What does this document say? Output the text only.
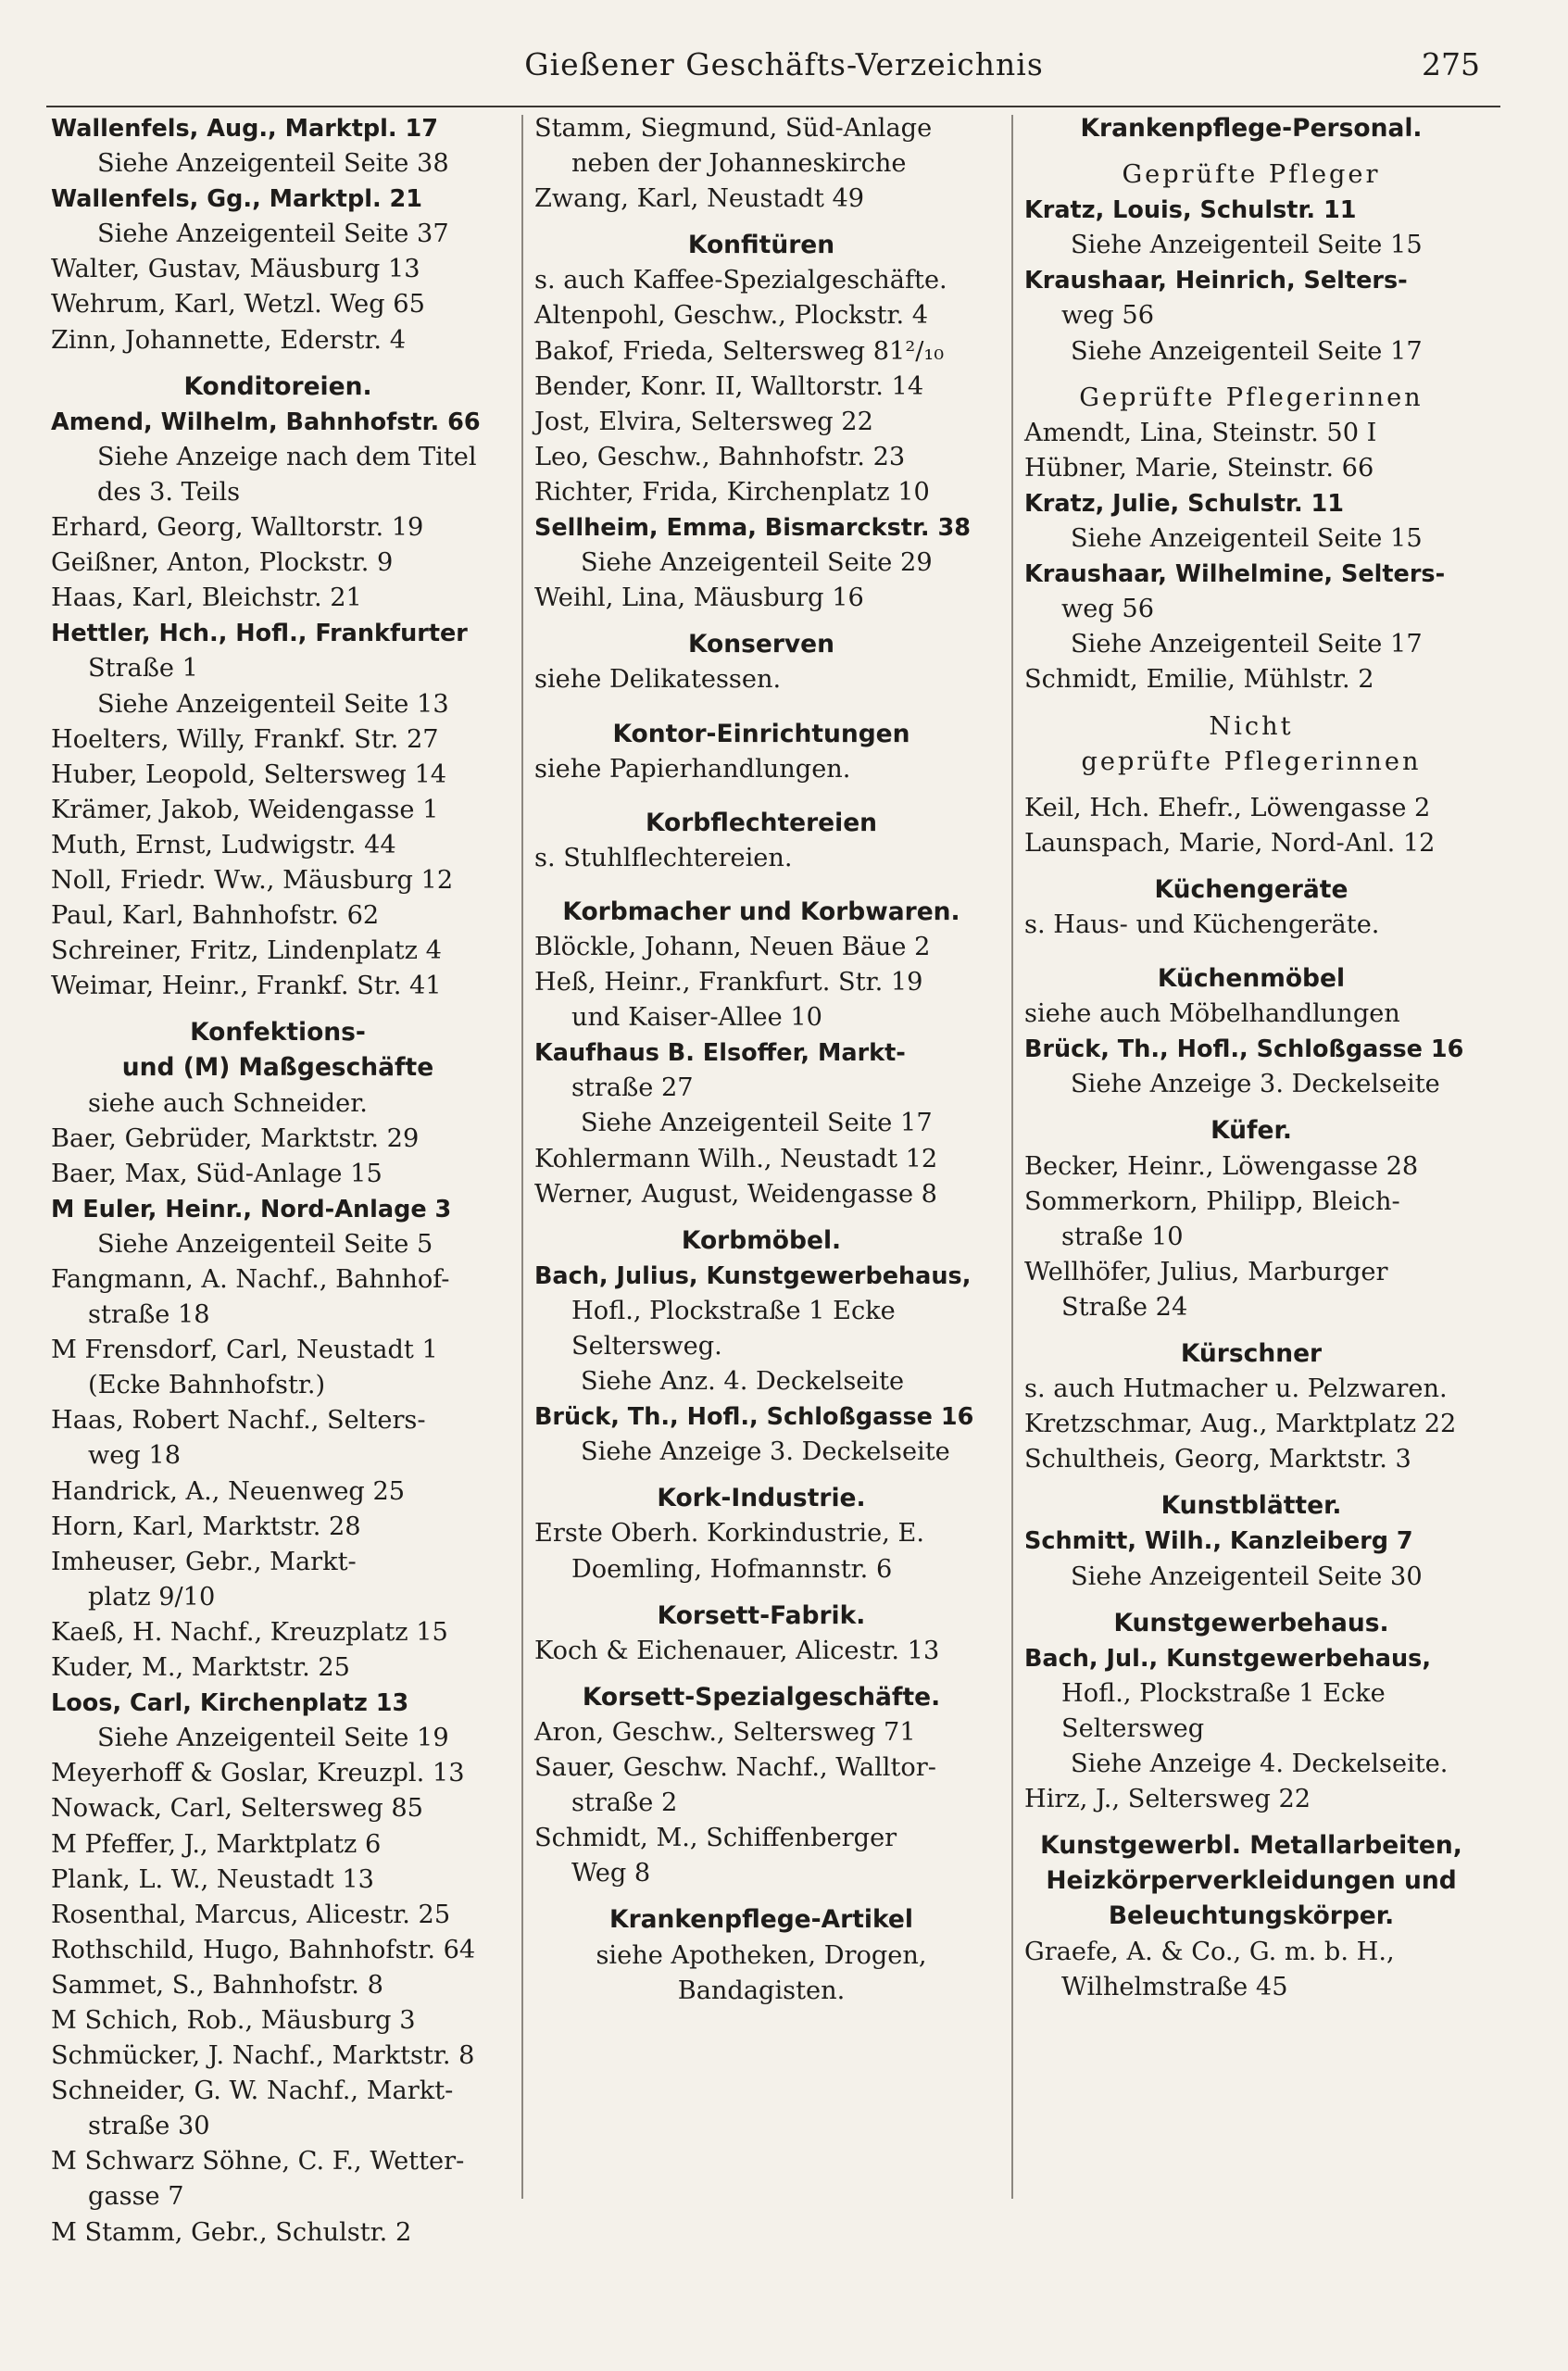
Gießener Geschäfts-Verzeichnis	275
Wallenfels, Aug., Marktpl. 17
Siehe Anzeigenteil Seite 38
Wallenfels, Gg., Marktpl. 21
Siehe Anzeigenteil Seite 37
Walter, Gustav, Mäusburg 13
Wehrum, Karl, Wetzl. Weg 65
Zinn, Johannette, Ederstr. 4
Konditoreien.
Amend, Wilhelm, Bahnhofstr. 66
Siehe Anzeige nach dem Titel
des 3. Teils
Erhard, Georg, Walltorstr. 19
Geißner, Anton, Plockstr. 9
Haas, Karl, Bleichstr. 21
Hettler, Hch., Hofl., Frankfurter
Straße 1
Siehe Anzeigenteil Seite 13
Hoelters, Willy, Frankf. Str. 27
Huber, Leopold, Seltersweg 14
Krämer, Jakob, Weidengasse 1
Muth, Ernst, Ludwigstr. 44
Noll, Friedr. Ww., Mäusburg 12
Paul, Karl, Bahnhofstr. 62
Schreiner, Fritz, Lindenplatz 4
Weimar, Heinr., Frankf. Str. 41
Konfektions-
und (M) Maßgeschäfte
siehe auch Schneider.
Baer, Gebrüder, Marktstr. 29
Baer, Max, Süd-Anlage 15
M Euler, Heinr., Nord-Anlage 3
Siehe Anzeigenteil Seite 5
Fangmann, A. Nachf., Bahnhof-
straße 18
M Frensdorf, Carl, Neustadt 1
(Ecke Bahnhofstr.)
Haas, Robert Nachf., Selters-
weg 18
Handrick, A., Neuenweg 25
Horn, Karl, Marktstr. 28
Imheuser, Gebr., Markt-
platz 9/10
Kaeß, H. Nachf., Kreuzplatz 15
Kuder, M., Marktstr. 25
Loos, Carl, Kirchenplatz 13
Siehe Anzeigenteil Seite 19
Meyerhoff & Goslar, Kreuzpl. 13
Nowack, Carl, Seltersweg 85
M Pfeffer, J., Marktplatz 6
Plank, L. W., Neustadt 13
Rosenthal, Marcus, Alicestr. 25
Rothschild, Hugo, Bahnhofstr. 64
Sammet, S., Bahnhofstr. 8
M Schich, Rob., Mäusburg 3
Schmücker, J. Nachf., Marktstr. 8
Schneider, G. W. Nachf., Markt-
straße 30
M Schwarz Söhne, C. F., Wetter-
gasse 7
M Stamm, Gebr., Schulstr. 2
Stamm, Siegmund, Süd-Anlage
neben der Johanneskirche
Zwang, Karl, Neustadt 49
Konfitüren
s. auch Kaffee-Spezialgeschäfte.
Altenpohl, Geschw., Plockstr. 4
Bakof, Frieda, Seltersweg 81²/₁₀
Bender, Konr. II, Walltorstr. 14
Jost, Elvira, Seltersweg 22
Leo, Geschw., Bahnhofstr. 23
Richter, Frida, Kirchenplatz 10
Sellheim, Emma, Bismarckstr. 38
Siehe Anzeigenteil Seite 29
Weihl, Lina, Mäusburg 16
Konserven
siehe Delikatessen.
Kontor-Einrichtungen
siehe Papierhandlungen.
Korbflechtereien
s. Stuhlflechtereien.
Korbmacher und Korbwaren.
Blöckle, Johann, Neuen Bäue 2
Heß, Heinr., Frankfurt. Str. 19
und Kaiser-Allee 10
Kaufhaus B. Elsoffer, Markt-
straße 27
Siehe Anzeigenteil Seite 17
Kohlermann Wilh., Neustadt 12
Werner, August, Weidengasse 8
Korbmöbel.
Bach, Julius, Kunstgewerbehaus,
Hofl., Plockstraße 1 Ecke
Seltersweg.
Siehe Anz. 4. Deckelseite
Brück, Th., Hofl., Schloßgasse 16
Siehe Anzeige 3. Deckelseite
Kork-Industrie.
Erste Oberh. Korkindustrie, E.
Doemling, Hofmannstr. 6
Korsett-Fabrik.
Koch & Eichenauer, Alicestr. 13
Korsett-Spezialgeschäfte.
Aron, Geschw., Seltersweg 71
Sauer, Geschw. Nachf., Walltor-
straße 2
Schmidt, M., Schiffenberger
Weg 8
Krankenpflege-Artikel
siehe Apotheken, Drogen,
Bandagisten.
Krankenpflege-Personal.
Geprüfte Pfleger
Kratz, Louis, Schulstr. 11
Siehe Anzeigenteil Seite 15
Kraushaar, Heinrich, Selters-
weg 56
Siehe Anzeigenteil Seite 17
Geprüfte Pflegerinnen
Amendt, Lina, Steinstr. 50 I
Hübner, Marie, Steinstr. 66
Kratz, Julie, Schulstr. 11
Siehe Anzeigenteil Seite 15
Kraushaar, Wilhelmine, Selters-
weg 56
Siehe Anzeigenteil Seite 17
Schmidt, Emilie, Mühlstr. 2
Nicht
geprüfte Pflegerinnen
Keil, Hch. Ehefr., Löwengasse 2
Launspach, Marie, Nord-Anl. 12
Küchengeräte
s. Haus- und Küchengeräte.
Küchenmöbel
siehe auch Möbelhandlungen
Brück, Th., Hofl., Schloßgasse 16
Siehe Anzeige 3. Deckelseite
Küfer.
Becker, Heinr., Löwengasse 28
Sommerkorn, Philipp, Bleich-
straße 10
Wellhöfer, Julius, Marburger
Straße 24
Kürschner
s. auch Hutmacher u. Pelzwaren.
Kretzschmar, Aug., Marktplatz 22
Schultheis, Georg, Marktstr. 3
Kunstblätter.
Schmitt, Wilh., Kanzleiberg 7
Siehe Anzeigenteil Seite 30
Kunstgewerbehaus.
Bach, Jul., Kunstgewerbehaus,
Hofl., Plockstraße 1 Ecke
Seltersweg
Siehe Anzeige 4. Deckelseite.
Hirz, J., Seltersweg 22
Kunstgewerbl. Metallarbeiten,
Heizkörperverkleidungen und
Beleuchtungskörper.
Graefe, A. & Co., G. m. b. H.,
Wilhelmstraße 45
